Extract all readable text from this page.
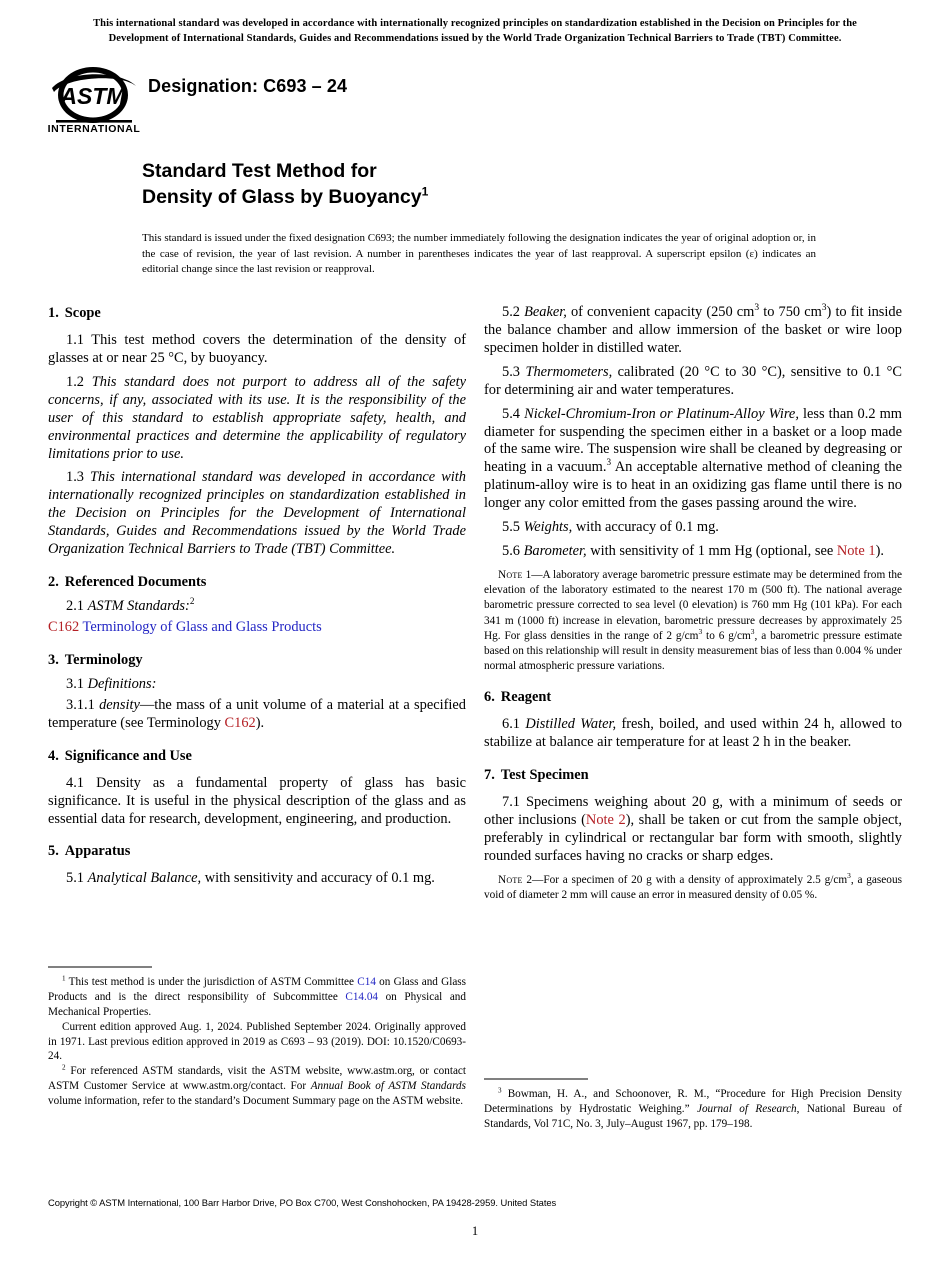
This international standard was developed in accordance with internationally recognized principles on standardization established in the Decision on Principles for the
Development of International Standards, Guides and Recommendations issued by the World Trade Organization Technical Barriers to Trade (TBT) Committee.
ASTM
INTERNATIONAL
Designation: C693 – 24
Standard Test Method for
Density of Glass by Buoyancy$^1$
This standard is issued under the fixed designation C693; the number immediately following the designation indicates the year of original adoption or, in the case of revision, the year of last revision. A number in parentheses indicates the year of last reapproval. A superscript epsilon (ε) indicates an editorial change since the last revision or reapproval.
1. Scope

1.1 This test method covers the determination of the density of glasses at or near 25 °C, by buoyancy.

1.2 This standard does not purport to address all of the safety concerns, if any, associated with its use. It is the responsibility of the user of this standard to establish appropriate safety, health, and environmental practices and determine the applicability of regulatory limitations prior to use.

1.3 This international standard was developed in accordance with internationally recognized principles on standardization established in the Decision on Principles for the Development of International Standards, Guides and Recommendations issued by the World Trade Organization Technical Barriers to Trade (TBT) Committee.

2. Referenced Documents

2.1 ASTM Standards:$^2$

C162 Terminology of Glass and Glass Products

3. Terminology

3.1 Definitions:

3.1.1 density—the mass of a unit volume of a material at a specified temperature (see Terminology C162).

4. Significance and Use

4.1 Density as a fundamental property of glass has basic significance. It is useful in the physical description of the glass and as essential data for research, development, engineering, and production.

5. Apparatus

5.1 Analytical Balance, with sensitivity and accuracy of 0.1 mg.

5.2 Beaker, of convenient capacity (250 $cm^3$ to 750 $cm^3$) to fit inside the balance chamber and allow immersion of the basket or wire loop specimen holder in distilled water.

5.3 Thermometers, calibrated (20 °C to 30 °C), sensitive to 0.1 °C for determining air and water temperatures.

5.4 Nickel-Chromium-Iron or Platinum-Alloy Wire, less than 0.2 mm diameter for suspending the specimen either in a basket or a loop made of the same wire. The suspension wire shall be cleaned by degreasing or heating in a vacuum.$^3$ An acceptable alternative method of cleaning the platinum-alloy wire is to heat in an oxidizing gas flame until there is no longer any color emitted from the gases passing around the wire.

5.5 Weights, with accuracy of 0.1 mg.

5.6 Barometer, with sensitivity of 1 mm Hg (optional, see Note 1).

Note 1—A laboratory average barometric pressure estimate may be determined from the elevation of the laboratory estimated to the nearest 170 m (500 ft). The national average barometric pressure corrected to sea level (0 elevation) is 760 mm Hg (101 kPa). For each 341 m (1000 ft) increase in elevation, barometric pressure decreases by approximately 25 Hg. For glass densities in the range of 2 $g/cm^3$ to 6 $g/cm^3$, a barometric pressure estimate based on this relationship will result in density measurement bias of less than 0.004 % under normal atmospheric pressure variations.

6. Reagent

6.1 Distilled Water, fresh, boiled, and used within 24 h, allowed to stabilize at balance air temperature for at least 2 h in the beaker.

7. Test Specimen

7.1 Specimens weighing about 20 g, with a minimum of seeds or other inclusions (Note 2), shall be taken or cut from the sample object, preferably in cylindrical or rectangular bar form with smooth, slightly rounded surfaces having no cracks or sharp edges.

Note 2—For a specimen of 20 g with a density of approximately 2.5 $g/cm^3$, a gaseous void of diameter 2 mm will cause an error in measured density of 0.05 %.

$^1$ This test method is under the jurisdiction of ASTM Committee C14 on Glass and Glass Products and is the direct responsibility of Subcommittee C14.04 on Physical and Mechanical Properties.

Current edition approved Aug. 1, 2024. Published September 2024. Originally approved in 1971. Last previous edition approved in 2019 as C693 – 93 (2019). DOI: 10.1520/C0693-24.

$^2$ For referenced ASTM standards, visit the ASTM website, www.astm.org, or contact ASTM Customer Service at www.astm.org/contact. For Annual Book of ASTM Standards volume information, refer to the standard’s Document Summary page on the ASTM website.

$^3$ Bowman, H. A., and Schoonover, R. M., “Procedure for High Precision Density Determinations by Hydrostatic Weighing.” Journal of Research, National Bureau of Standards, Vol 71C, No. 3, July–August 1967, pp. 179–198.

Copyright © ASTM International, 100 Barr Harbor Drive, PO Box C700, West Conshohocken, PA 19428-2959. United States
1
